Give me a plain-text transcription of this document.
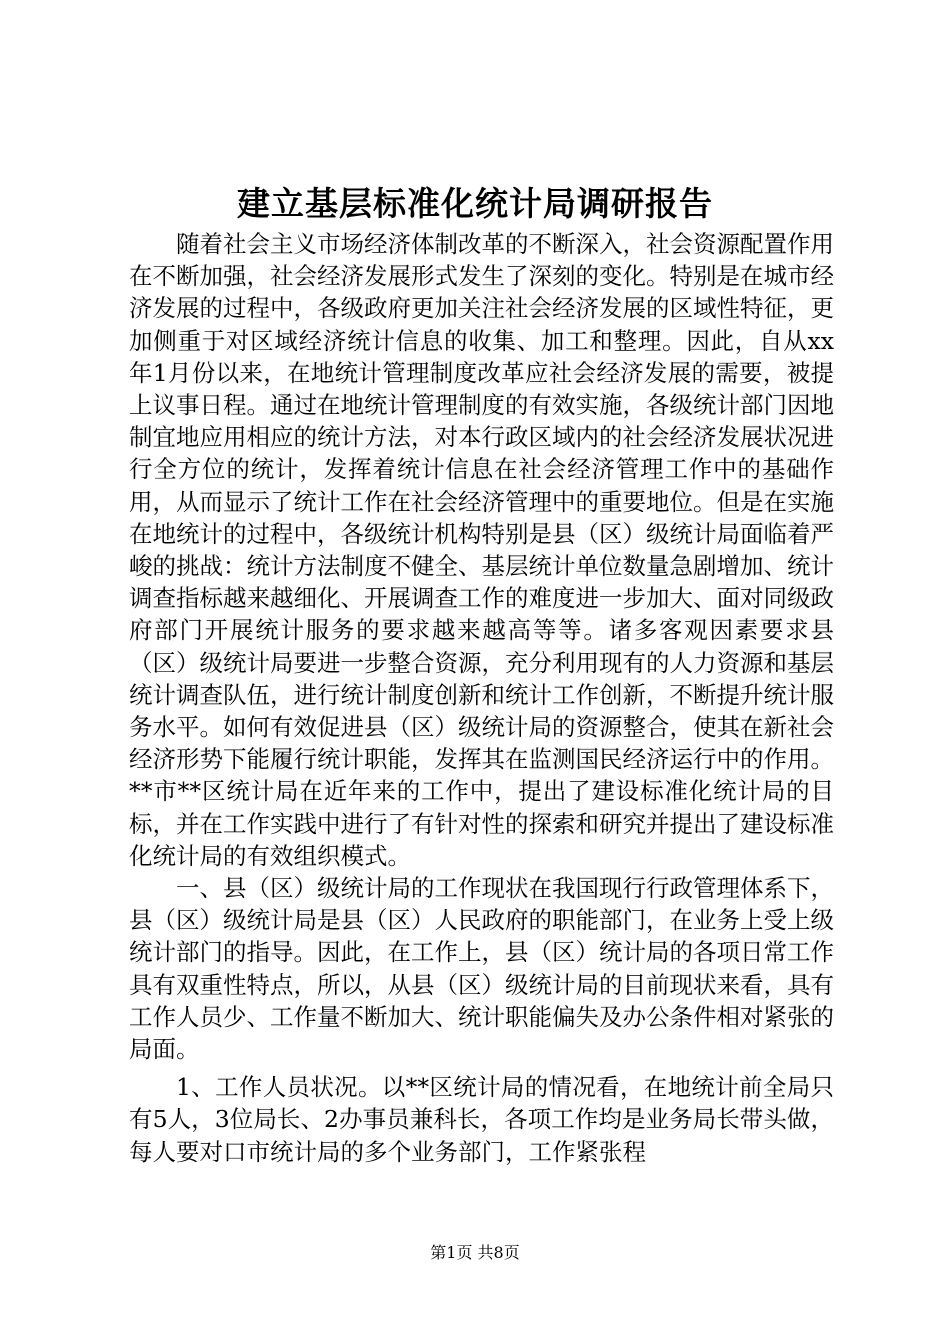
建立基层标准化统计局调研报告

随着社会主义市场经济体制改革的不断深入，社会资源配置作用在不断加强，社会经济发展形式发生了深刻的变化。特别是在城市经济发展的过程中，各级政府更加关注社会经济发展的区域性特征，更加侧重于对区域经济统计信息的收集、加工和整理。因此，自从xx年1月份以来，在地统计管理制度改革应社会经济发展的需要，被提上议事日程。通过在地统计管理制度的有效实施，各级统计部门因地制宜地应用相应的统计方法，对本行政区域内的社会经济发展状况进行全方位的统计，发挥着统计信息在社会经济管理工作中的基础作用，从而显示了统计工作在社会经济管理中的重要地位。但是在实施在地统计的过程中，各级统计机构特别是县（区）级统计局面临着严峻的挑战：统计方法制度不健全、基层统计单位数量急剧增加、统计调查指标越来越细化、开展调查工作的难度进一步加大、面对同级政府部门开展统计服务的要求越来越高等等。诸多客观因素要求县（区）级统计局要进一步整合资源，充分利用现有的人力资源和基层统计调查队伍，进行统计制度创新和统计工作创新，不断提升统计服务水平。如何有效促进县（区）级统计局的资源整合，使其在新社会经济形势下能履行统计职能，发挥其在监测国民经济运行中的作用。**市**区统计局在近年来的工作中，提出了建设标准化统计局的目标，并在工作实践中进行了有针对性的探索和研究并提出了建设标准化统计局的有效组织模式。

一、县（区）级统计局的工作现状在我国现行行政管理体系下，县（区）级统计局是县（区）人民政府的职能部门，在业务上受上级统计部门的指导。因此，在工作上，县（区）统计局的各项日常工作具有双重性特点，所以，从县（区）级统计局的目前现状来看，具有工作人员少、工作量不断加大、统计职能偏失及办公条件相对紧张的局面。

1、工作人员状况。以**区统计局的情况看，在地统计前全局只有5人，3位局长、2办事员兼科长，各项工作均是业务局长带头做，每人要对口市统计局的多个业务部门，工作紧张程

第1页 共8页
